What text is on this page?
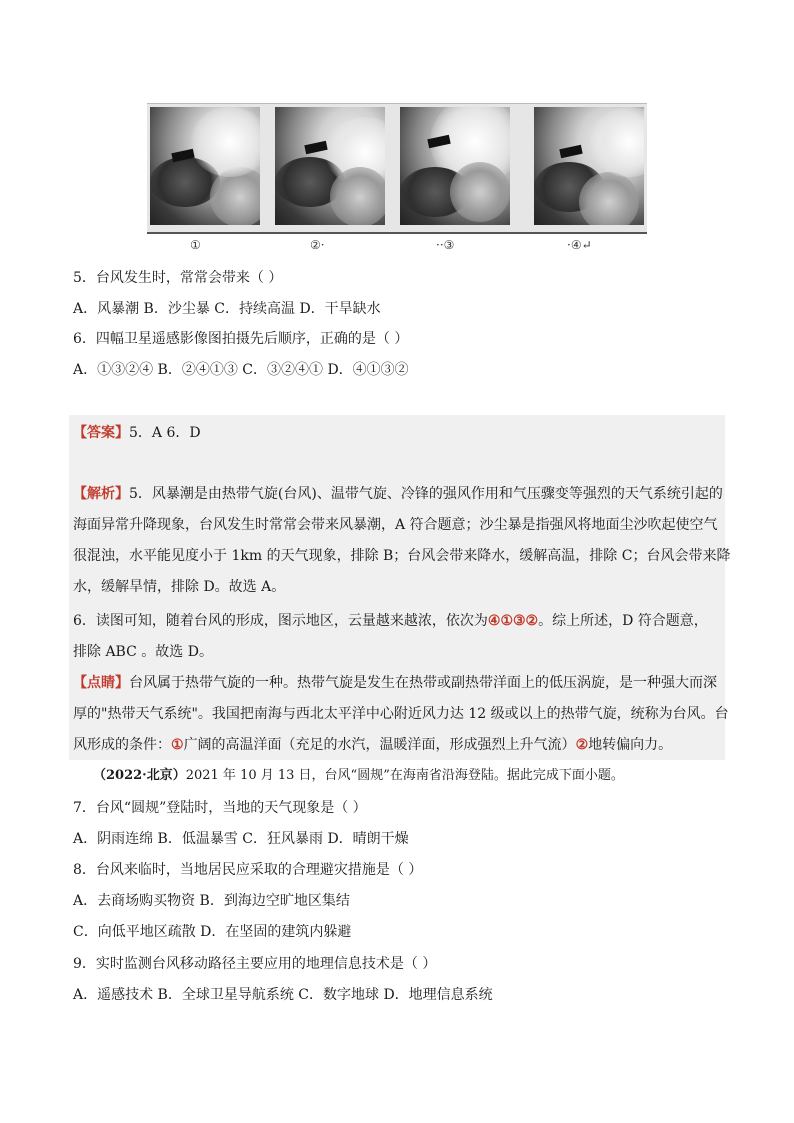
①	②·	··③	·④↵
5．台风发生时，常常会带来（ ）
A．风暴潮 B．沙尘暴 C．持续高温 D．干旱缺水
6．四幅卫星遥感影像图拍摄先后顺序，正确的是（ ）
A．①③②④ B．②④①③ C．③②④① D．④①③②
【答案】5．A 6．D
【解析】5．风暴潮是由热带气旋(台风)、温带气旋、冷锋的强风作用和气压骤变等强烈的天气系统引起的
海面异常升降现象，台风发生时常常会带来风暴潮，A 符合题意；沙尘暴是指强风将地面尘沙吹起使空气
很混浊，水平能见度小于 1km 的天气现象，排除 B；台风会带来降水，缓解高温，排除 C；台风会带来降
水，缓解旱情，排除 D。故选 A。
6．读图可知，随着台风的形成，图示地区，云量越来越浓，依次为④①③②。综上所述，D 符合题意，
排除 ABC 。故选 D。
【点睛】台风属于热带气旋的一种。热带气旋是发生在热带或副热带洋面上的低压涡旋，是一种强大而深
厚的"热带天气系统"。我国把南海与西北太平洋中心附近风力达 12 级或以上的热带气旋，统称为台风。台
风形成的条件：①广阔的高温洋面（充足的水汽，温暖洋面，形成强烈上升气流）②地转偏向力。
（2022·北京）2021 年 10 月 13 日，台风“圆规”在海南省沿海登陆。据此完成下面小题。
7．台风“圆规”登陆时，当地的天气现象是（ ）
A．阴雨连绵 B．低温暴雪 C．狂风暴雨 D．晴朗干燥
8．台风来临时，当地居民应采取的合理避灾措施是（ ）
A．去商场购买物资 B．到海边空旷地区集结
C．向低平地区疏散 D．在坚固的建筑内躲避
9．实时监测台风移动路径主要应用的地理信息技术是（ ）
A．遥感技术 B．全球卫星导航系统 C．数字地球 D．地理信息系统
